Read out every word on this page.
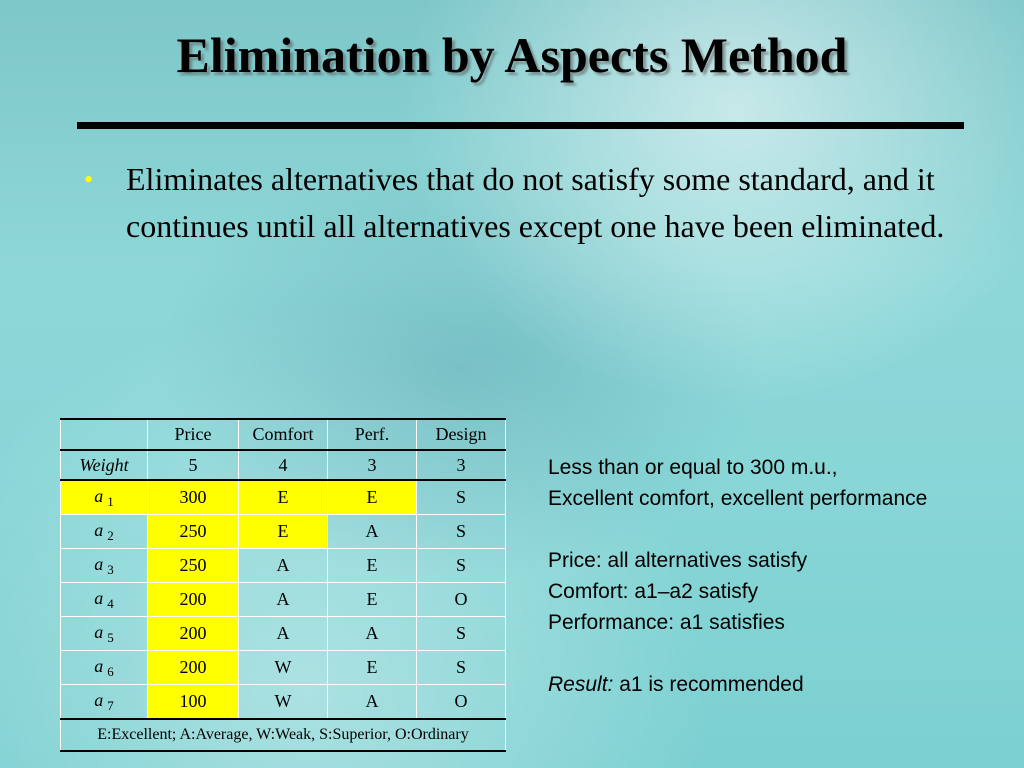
Elimination by Aspects Method
• Eliminates alternatives that do not satisfy some standard, and it continues until all alternatives except one have been eliminated.
	Price	Comfort	Perf.	Design
Weight	5	4	3	3
a $_1$	300	E	E	S
a $_2$	250	E	A	S
a $_3$	250	A	E	S
a $_4$	200	A	E	O
a $_5$	200	A	A	S
a $_6$	200	W	E	S
a $_7$	100	W	A	O
E:Excellent; A:Average, W:Weak, S:Superior, O:Ordinary				
Less than or equal to 300 m.u.,
Excellent comfort, excellent performance
Price: all alternatives satisfy
Comfort: a1–a2 satisfy
Performance: a1 satisfies
Result: a1 is recommended
